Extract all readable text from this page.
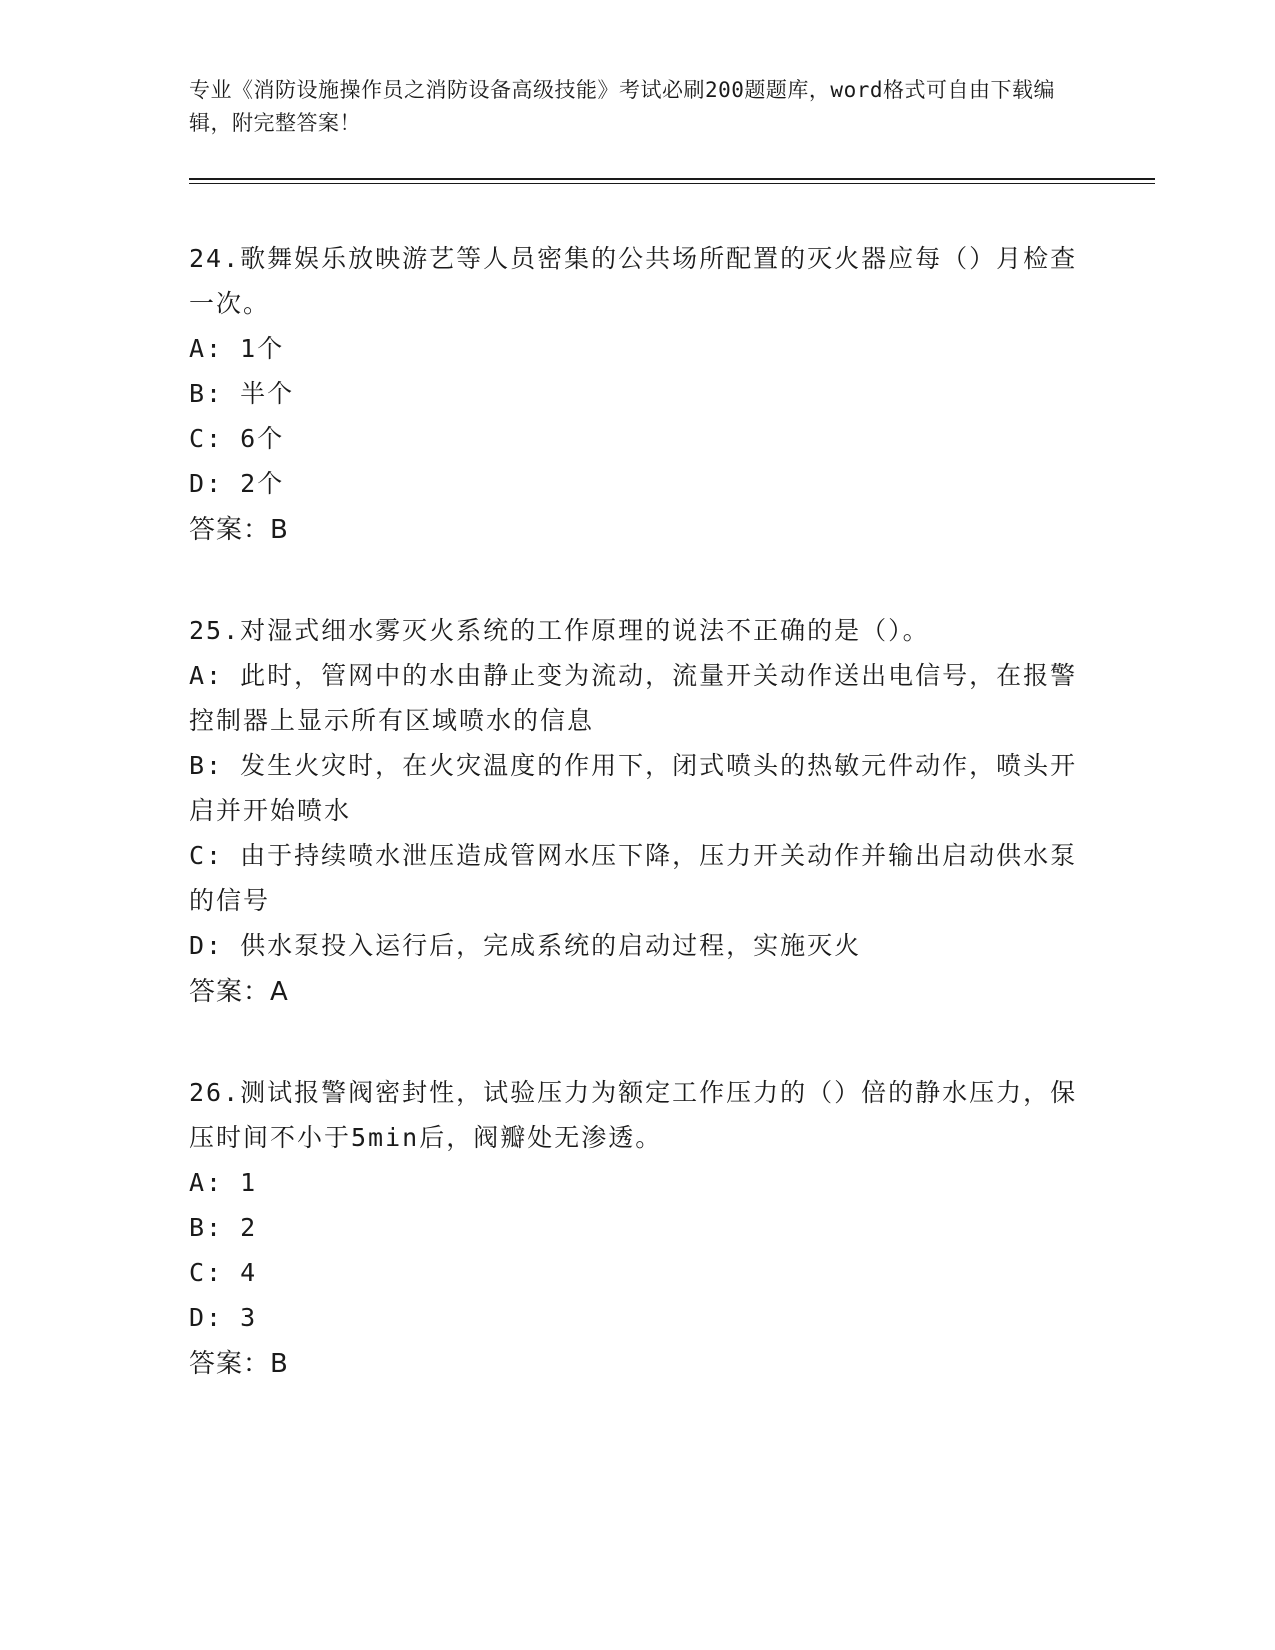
专业《消防设施操作员之消防设备高级技能》考试必刷200题题库，word格式可自由下载编辑，附完整答案！

24.歌舞娱乐放映游艺等人员密集的公共场所配置的灭火器应每（）月检查一次。

A: 1个

B: 半个

C: 6个

D: 2个

答案：B

25.对湿式细水雾灭火系统的工作原理的说法不正确的是（）。

A: 此时，管网中的水由静止变为流动，流量开关动作送出电信号，在报警控制器上显示所有区域喷水的信息

B: 发生火灾时，在火灾温度的作用下，闭式喷头的热敏元件动作，喷头开启并开始喷水

C: 由于持续喷水泄压造成管网水压下降，压力开关动作并输出启动供水泵的信号

D: 供水泵投入运行后，完成系统的启动过程，实施灭火

答案：A

26.测试报警阀密封性，试验压力为额定工作压力的（）倍的静水压力，保压时间不小于5min后，阀瓣处无渗透。

A: 1

B: 2

C: 4

D: 3

答案：B
